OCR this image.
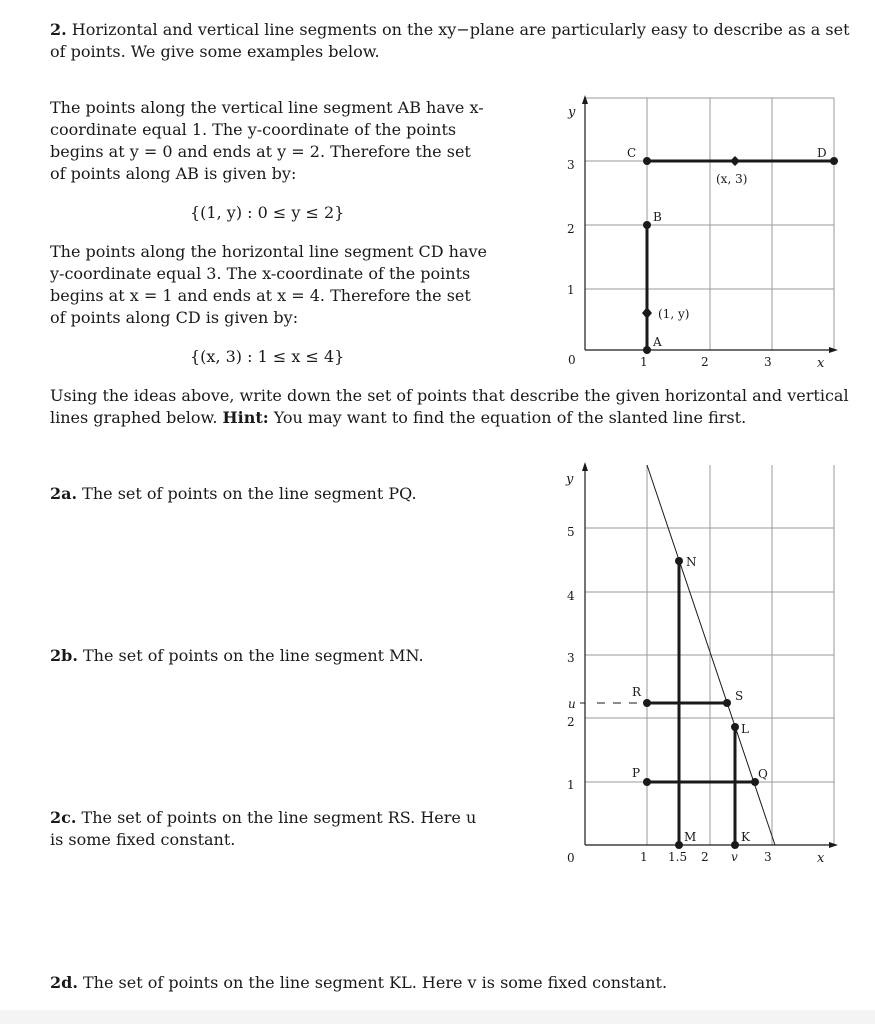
2. Horizontal and vertical line segments on the xy−plane are particularly easy to describe as a set of points. We give some examples below.

The points along the vertical line segment AB have x-coordinate equal 1. The y-coordinate of the points begins at y = 0 and ends at y = 2. Therefore the set of points along AB is given by:

{(1, y) : 0 ≤ y ≤ 2}

The points along the horizontal line segment CD have y-coordinate equal 3. The x-coordinate of the points begins at x = 1 and ends at x = 4. Therefore the set of points along CD is given by:

{(x, 3) : 1 ≤ x ≤ 4}

Using the ideas above, write down the set of points that describe the given horizontal and vertical lines graphed below. Hint: You may want to find the equation of the slanted line first.

2a. The set of points on the line segment PQ.

2b. The set of points on the line segment MN.

2c. The set of points on the line segment RS. Here u is some fixed constant.

2d. The set of points on the line segment KL. Here v is some fixed constant.

y
x
0	1	2	3
1
2
3
A
B
C	D
(x, 3)
(1, y)
y
x
0	1 1.5 2 v 3
1
2
3
4
5
u
N
M
R	S
P	Q
L
K
